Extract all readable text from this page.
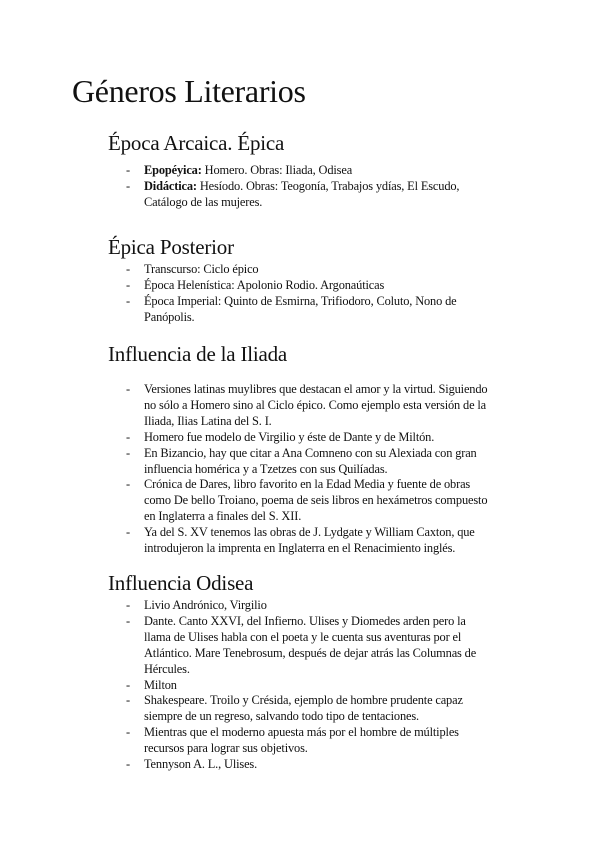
Géneros Literarios
Época Arcaica. Épica
- Epopéyica: Homero. Obras: Iliada, Odisea
- Didáctica: Hesíodo. Obras: Teogonía, Trabajos ydías, El Escudo, Catálogo de las mujeres.
Épica Posterior
- Transcurso: Ciclo épico
- Época Helenística: Apolonio Rodio. Argonaúticas
- Época Imperial: Quinto de Esmirna, Trifiodoro, Coluto, Nono de Panópolis.
Influencia de la Iliada
- Versiones latinas muylibres que destacan el amor y la virtud. Siguiendo no sólo a Homero sino al Ciclo épico. Como ejemplo esta versión de la Iliada, Ilias Latina del S. I.
- Homero fue modelo de Virgilio y éste de Dante y de Miltón.
- En Bizancio, hay que citar a Ana Comneno con su Alexiada con gran influencia homérica y a Tzetzes con sus Quilíadas.
- Crónica de Dares, libro favorito en la Edad Media y fuente de obras como De bello Troiano, poema de seis libros en hexámetros compuesto en Inglaterra a finales del S. XII.
- Ya del S. XV tenemos las obras de J. Lydgate y William Caxton, que introdujeron la imprenta en Inglaterra en el Renacimiento inglés.
Influencia Odisea
- Livio Andrónico, Virgilio
- Dante. Canto XXVI, del Infierno. Ulises y Diomedes arden pero la llama de Ulises habla con el poeta y le cuenta sus aventuras por el Atlántico. Mare Tenebrosum, después de dejar atrás las Columnas de Hércules.
- Milton
- Shakespeare. Troilo y Crésida, ejemplo de hombre prudente capaz siempre de un regreso, salvando todo tipo de tentaciones.
- Mientras que el moderno apuesta más por el hombre de múltiples recursos para lograr sus objetivos.
- Tennyson A. L., Ulises.
